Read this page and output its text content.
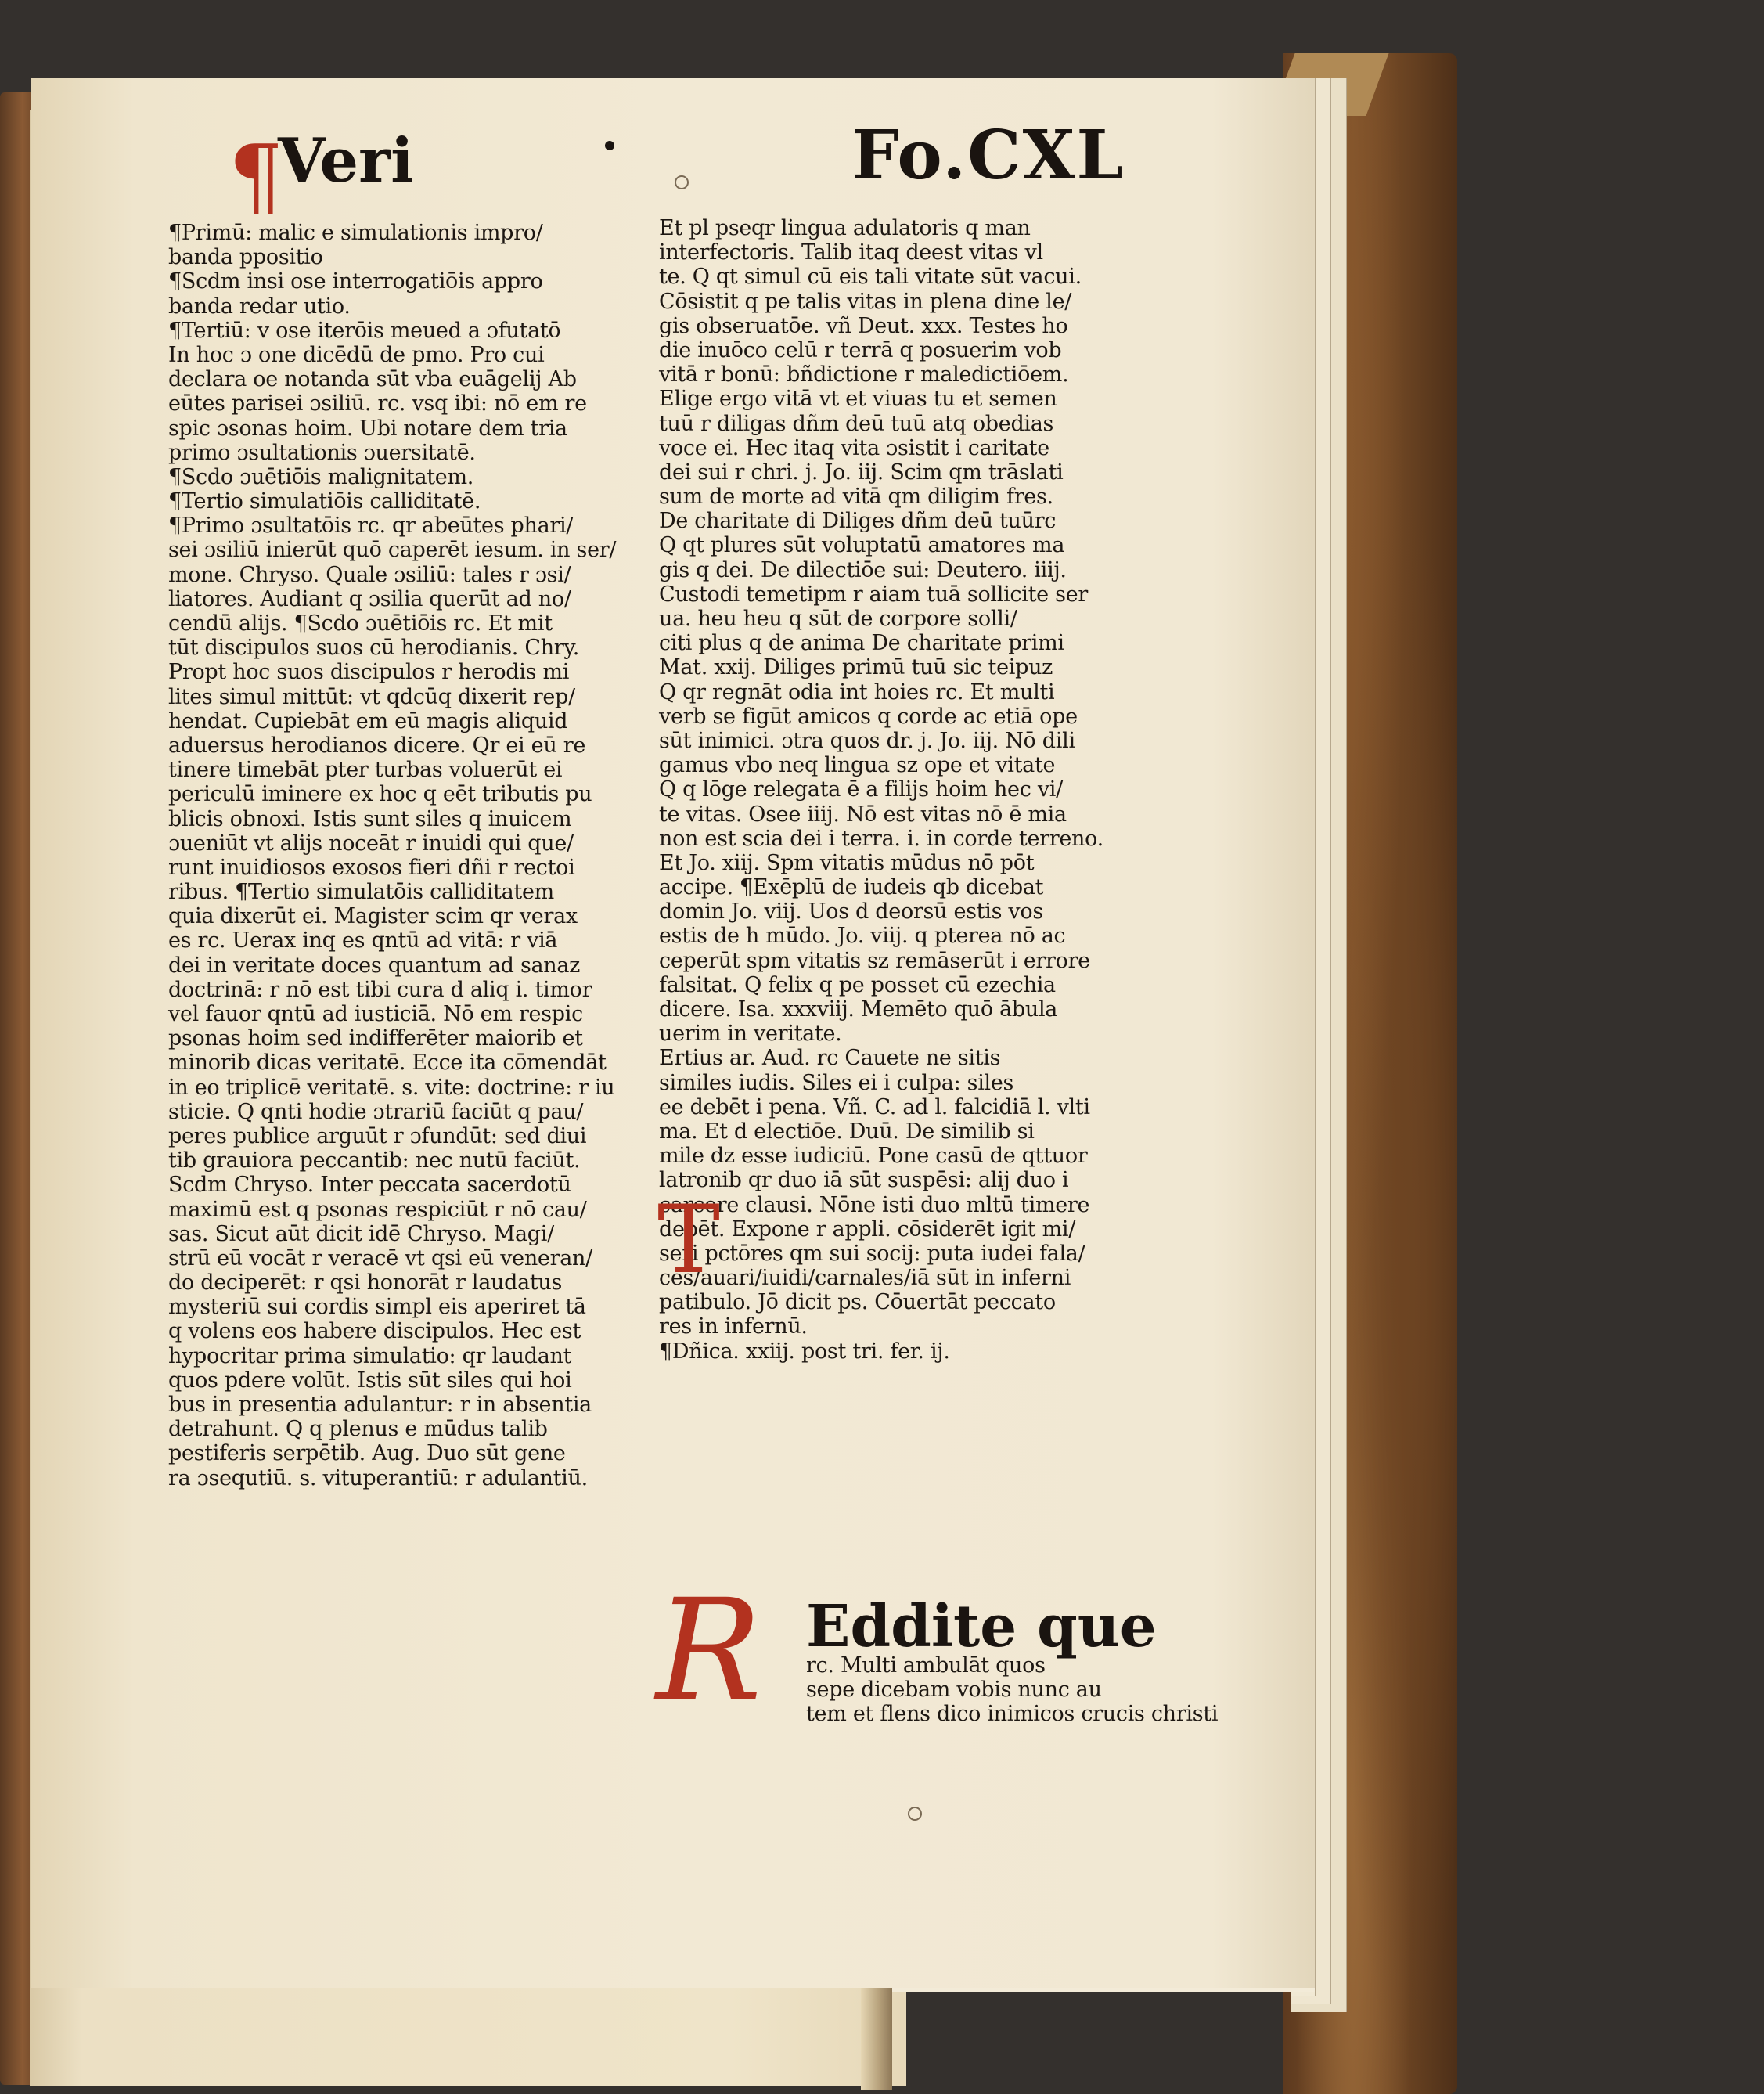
¶
Veri	Fo.CXL
¶Primū: malic e simulationis impro/
banda ppositio
¶Scdm insi ose interrogatiōis appro
banda redar utio.
¶Tertiū: v ose iterōis meued a ɔfutatō
In hoc ɔ one dicēdū de pmo. Pro cui
declara oe notanda sūt vba euāgelij Ab
eūtes parisei ɔsiliū. rc. vsq ibi: nō em re
spic ɔsonas hoim. Ubi notare dem tria
primo ɔsultationis ɔuersitatē.
¶Scdo ɔuētiōis malignitatem.
¶Tertio simulatiōis calliditatē.
¶Primo ɔsultatōis rc. qr abeūtes phari/
sei ɔsiliū inierūt quō caperēt iesum. in ser/
mone. Chryso. Quale ɔsiliū: tales r ɔsi/
liatores. Audiant q ɔsilia querūt ad no/
cendū alijs. ¶Scdo ɔuētiōis rc. Et mit
tūt discipulos suos cū herodianis. Chry.
Propt hoc suos discipulos r herodis mi
lites simul mittūt: vt qdcūq dixerit rep/
hendat. Cupiebāt em eū magis aliquid
aduersus herodianos dicere. Qr ei eū re
tinere timebāt pter turbas voluerūt ei
periculū iminere ex hoc q eēt tributis pu
blicis obnoxi. Istis sunt siles q inuicem
ɔueniūt vt alijs noceāt r inuidi qui que/
runt inuidiosos exosos fieri dñi r rectoi
ribus. ¶Tertio simulatōis calliditatem
quia dixerūt ei. Magister scim qr verax
es rc. Uerax inq es qntū ad vitā: r viā
dei in veritate doces quantum ad sanaz
doctrinā: r nō est tibi cura d aliq i. timor
vel fauor qntū ad iusticiā. Nō em respic
psonas hoim sed indifferēter maiorib et
minorib dicas veritatē. Ecce ita cōmendāt
in eo triplicē veritatē. s. vite: doctrine: r iu
sticie. Q qnti hodie ɔtrariū faciūt q pau/
peres publice arguūt r ɔfundūt: sed diui
tib grauiora peccantib: nec nutū faciūt.
Scdm Chryso. Inter peccata sacerdotū
maximū est q psonas respiciūt r nō cau/
sas. Sicut aūt dicit idē Chryso. Magi/
strū eū vocāt r veracē vt qsi eū veneran/
do deciperēt: r qsi honorāt r laudatus
mysteriū sui cordis simpl eis aperiret tā
q volens eos habere discipulos. Hec est
hypocritar prima simulatio: qr laudant
quos pdere volūt. Istis sūt siles qui hoi
bus in presentia adulantur: r in absentia
detrahunt. Q q plenus e mūdus talib
pestiferis serpētib. Aug. Duo sūt gene
ra ɔsequtiū. s. vituperantiū: r adulantiū.
Et pl pseqr lingua adulatoris q man
interfectoris. Talib itaq deest vitas vl
te. Q qt simul cū eis tali vitate sūt vacui.
Cōsistit q pe talis vitas in plena dine le/
gis obseruatōe. vñ Deut. xxx. Testes ho
die inuōco celū r terrā q posuerim vob
vitā r bonū: bñdictione r maledictiōem.
Elige ergo vitā vt et viuas tu et semen
tuū r diligas dñm deū tuū atq obedias
voce ei. Hec itaq vita ɔsistit i caritate
dei sui r chri. j. Jo. iij. Scim qm trāslati
sum de morte ad vitā qm diligim fres.
De charitate di Diliges dñm deū tuūrc
Q qt plures sūt voluptatū amatores ma
gis q dei. De dilectiōe sui: Deutero. iiij.
Custodi temetipm r aiam tuā sollicite ser
ua. heu heu q sūt de corpore solli/
citi plus q de anima De charitate primi
Mat. xxij. Diliges primū tuū sic teipuz
Q qr regnāt odia int hoies rc. Et multi
verb se figūt amicos q corde ac etiā ope
sūt inimici. ɔtra quos dr. j. Jo. iij. Nō dili
gamus vbo neq lingua sz ope et vitate
Q q lōge relegata ē a filijs hoim hec vi/
te vitas. Osee iiij. Nō est vitas nō ē mia
non est scia dei i terra. i. in corde terreno.
Et Jo. xiij. Spm vitatis mūdus nō pōt
accipe. ¶Exēplū de iudeis qb dicebat
domin Jo. viij. Uos d deorsū estis vos
estis de h mūdo. Jo. viij. q pterea nō ac
ceperūt spm vitatis sz remāserūt i errore
falsitat. Q felix q pe posset cū ezechia
dicere. Isa. xxxviij. Memēto quō ābula
uerim in veritate.
Ertius ar. Aud. rc Cauete ne sitis
similes iudis. Siles ei i culpa: siles
ee debēt i pena. Vñ. C. ad l. falcidiā l. vlti
ma. Et d electiōe. Duū. De similib si
mile dz esse iudiciū. Pone casū de qttuor
latronib qr duo iā sūt suspēsi: alij duo i
carcere clausi. Nōne isti duo mltū timere
debēt. Expone r appli. cōsiderēt igit mi/
seri pctōres qm sui socij: puta iudei fala/
ces/auari/iuidi/carnales/iā sūt in inferni
patibulo. Jō dicit ps. Cōuertāt peccato
res in infernū.
¶Dñica. xxiij. post tri. fer. ij.
T
R Eddite que
rc. Multi ambulāt quos
sepe dicebam vobis nunc au
tem et flens dico inimicos crucis christi
